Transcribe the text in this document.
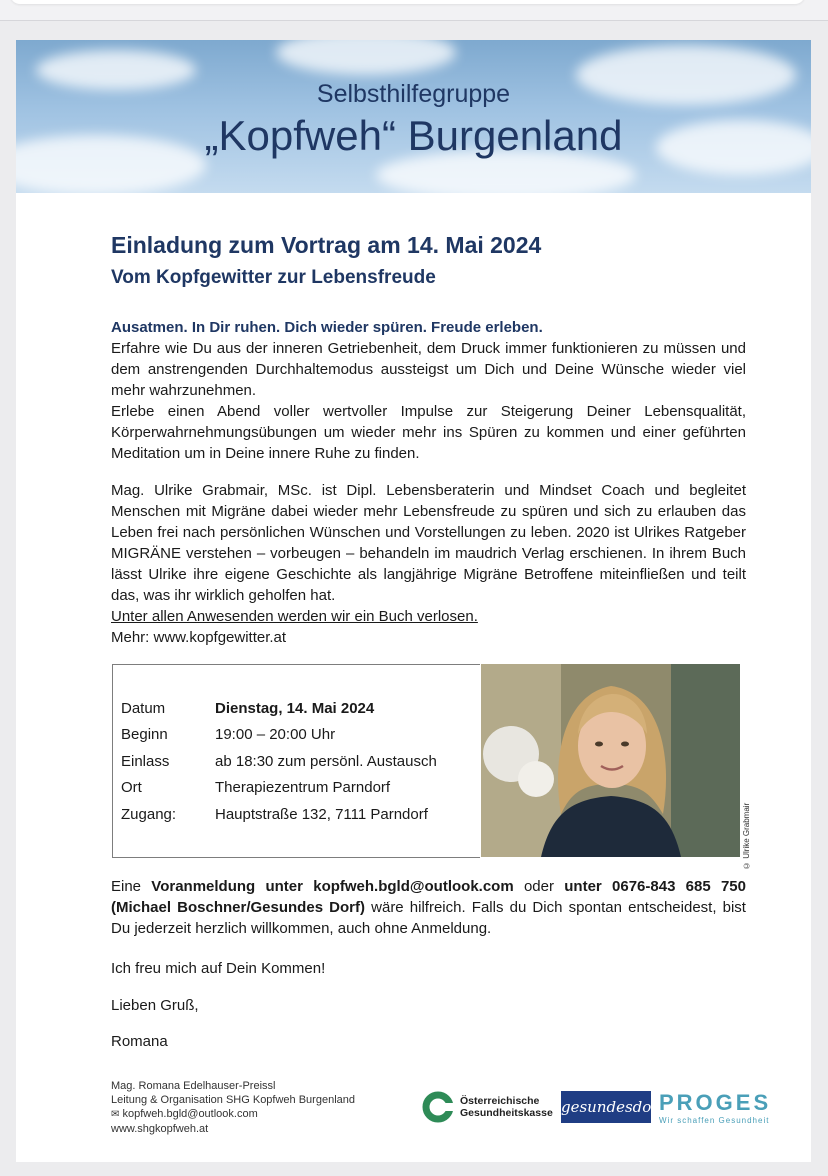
Selbsthilfegruppe
„Kopfweh“ Burgenland
Einladung zum Vortrag am 14. Mai 2024
Vom Kopfgewitter zur Lebensfreude
Ausatmen. In Dir ruhen. Dich wieder spüren. Freude erleben.
Erfahre wie Du aus der inneren Getriebenheit, dem Druck immer funktionieren zu müssen und dem anstrengenden Durchhaltemodus aussteigst um Dich und Deine Wünsche wieder viel mehr wahrzunehmen.
Erlebe einen Abend voller wertvoller Impulse zur Steigerung Deiner Lebensqualität, Körperwahrnehmungsübungen um wieder mehr ins Spüren zu kommen und einer geführten Meditation um in Deine innere Ruhe zu finden.
Mag. Ulrike Grabmair, MSc. ist Dipl. Lebensberaterin und Mindset Coach und begleitet Menschen mit Migräne dabei wieder mehr Lebensfreude zu spüren und sich zu erlauben das Leben frei nach persönlichen Wünschen und Vorstellungen zu leben. 2020 ist Ulrikes Ratgeber MIGRÄNE verstehen – vorbeugen – behandeln im maudrich Verlag erschienen. In ihrem Buch lässt Ulrike ihre eigene Geschichte als langjährige Migräne Betroffene miteinfließen und teilt das, was ihr wirklich geholfen hat.
Unter allen Anwesenden werden wir ein Buch verlosen.
Mehr: www.kopfgewitter.at
Datum	Dienstag, 14. Mai 2024
Beginn	19:00 – 20:00 Uhr
Einlass	ab 18:30 zum persönl. Austausch
Ort	Therapiezentrum Parndorf
Zugang:	Hauptstraße 132, 7111 Parndorf	© Ulrike Grabmair
Eine Voranmeldung unter kopfweh.bgld@outlook.com oder unter 0676-843 685 750 (Michael Boschner/Gesundes Dorf) wäre hilfreich. Falls du Dich spontan entscheidest, bist Du jederzeit herzlich willkommen, auch ohne Anmeldung.
Ich freu mich auf Dein Kommen!
Lieben Gruß,
Romana
Mag. Romana Edelhauser-Preissl
Leitung & Organisation SHG Kopfweh Burgenland
✉ kopfweh.bgld@outlook.com
www.shgkopfweh.at
Österreichische
Gesundheitskasse gesundesdorf
PROGES
Wir schaffen Gesundheit
